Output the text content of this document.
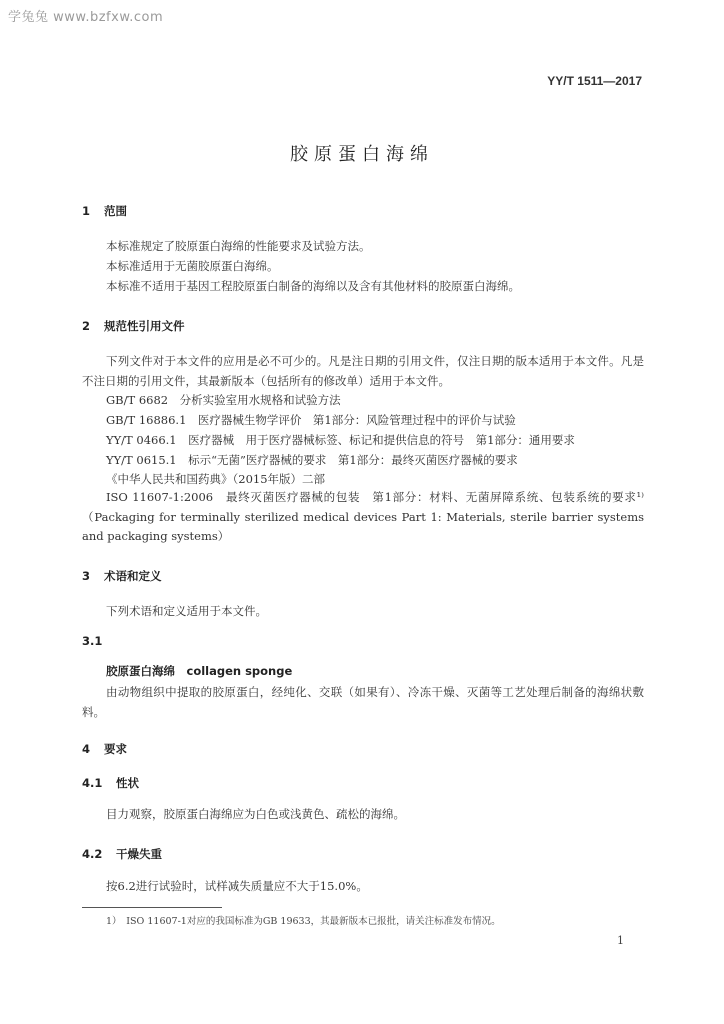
学兔兔 www.bzfxw.com
YY/T 1511—2017
胶原蛋白海绵
1 范围
本标准规定了胶原蛋白海绵的性能要求及试验方法。
本标准适用于无菌胶原蛋白海绵。
本标准不适用于基因工程胶原蛋白制备的海绵以及含有其他材料的胶原蛋白海绵。
2 规范性引用文件
下列文件对于本文件的应用是必不可少的。凡是注日期的引用文件，仅注日期的版本适用于本文件。凡是不注日期的引用文件，其最新版本（包括所有的修改单）适用于本文件。
GB/T 6682　分析实验室用水规格和试验方法
GB/T 16886.1　医疗器械生物学评价　第1部分：风险管理过程中的评价与试验
YY/T 0466.1　医疗器械　用于医疗器械标签、标记和提供信息的符号　第1部分：通用要求
YY/T 0615.1　标示“无菌”医疗器械的要求　第1部分：最终灭菌医疗器械的要求
《中华人民共和国药典》（2015年版）二部
ISO 11607-1:2006　最终灭菌医疗器械的包装　第1部分：材料、无菌屏障系统、包装系统的要求¹⁾（Packaging for terminally sterilized medical devices Part 1: Materials, sterile barrier systems and packaging systems）
3 术语和定义
下列术语和定义适用于本文件。
3.1
胶原蛋白海绵　collagen sponge
由动物组织中提取的胶原蛋白，经纯化、交联（如果有）、冷冻干燥、灭菌等工艺处理后制备的海绵状敷料。
4 要求
4.1 性状
目力观察，胶原蛋白海绵应为白色或浅黄色、疏松的海绵。
4.2 干燥失重
按6.2进行试验时，试样减失质量应不大于15.0%。
1）　ISO 11607-1对应的我国标准为GB 19633，其最新版本已报批，请关注标准发布情况。
1
